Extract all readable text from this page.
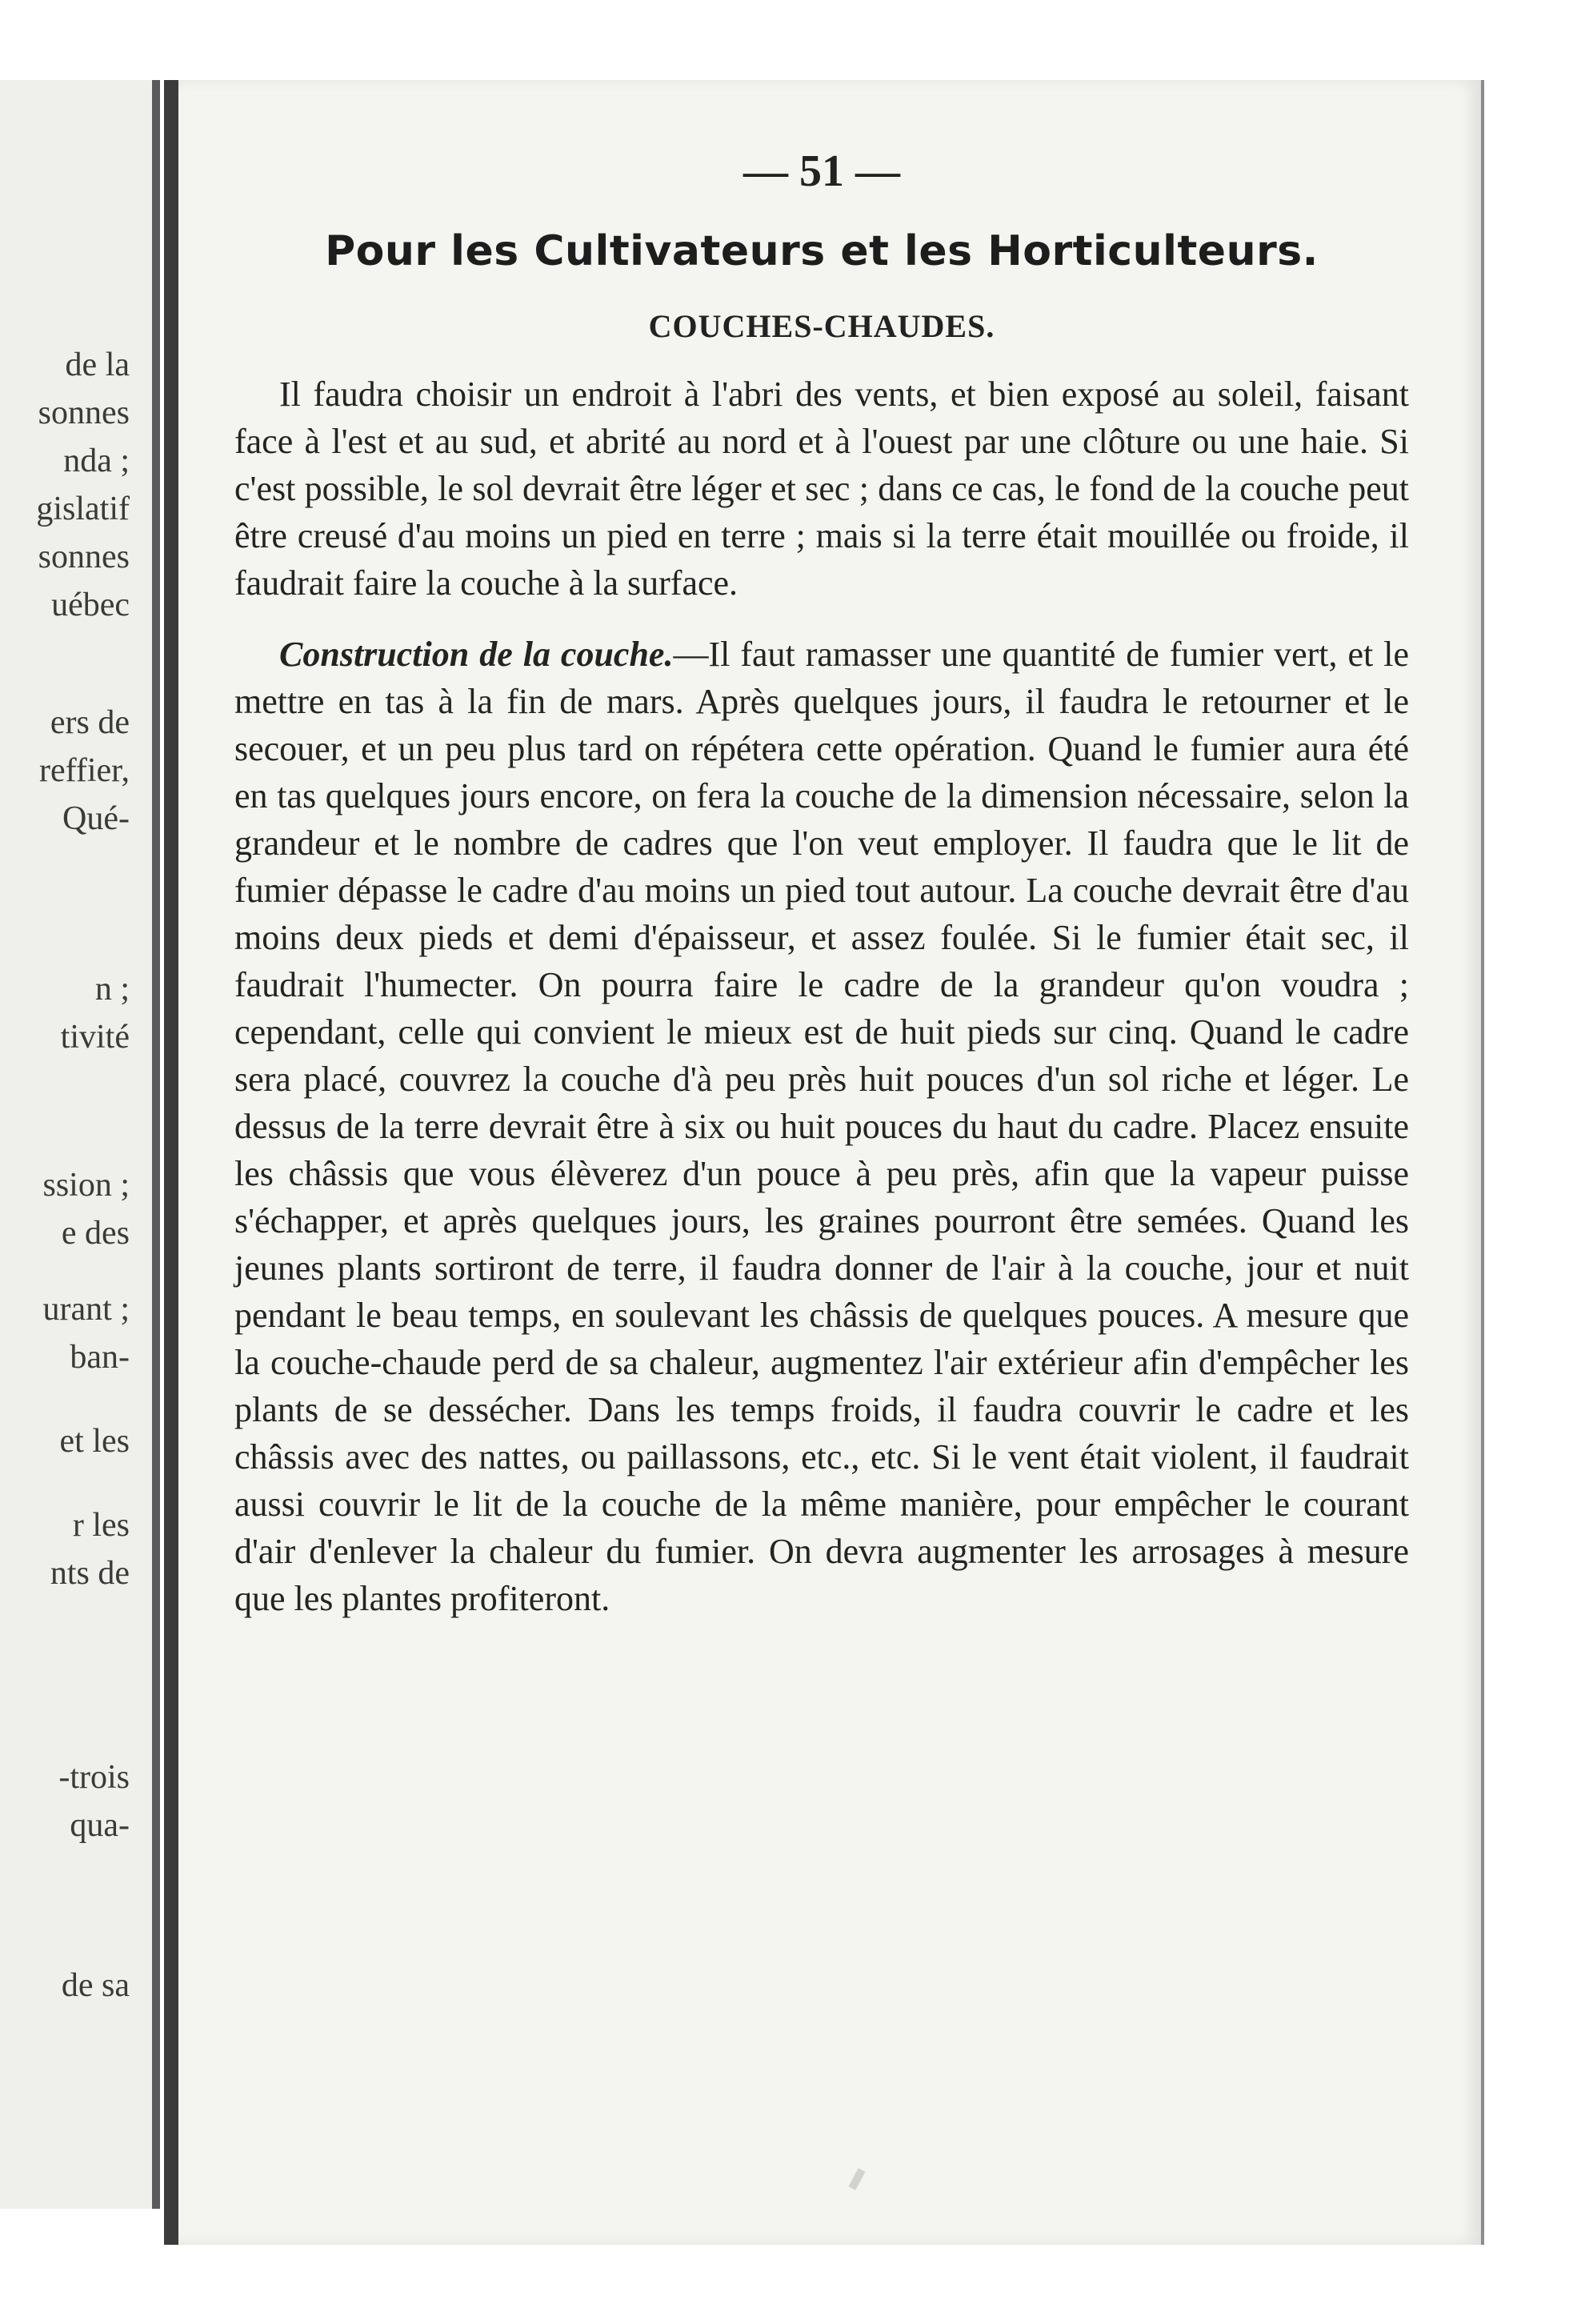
de la
sonnes
nda ;
gislatif
sonnes
uébec
ers de
reffier,
Qué-
n ;
tivité
ssion ;
e des
urant ;
ban-
et les
r les
nts de
-trois
qua-
de sa
— 51 —
Pour les Cultivateurs et les Horticulteurs.
COUCHES-CHAUDES.

Il faudra choisir un endroit à l'abri des vents, et bien exposé au soleil, faisant face à l'est et au sud, et abrité au nord et à l'ouest par une clôture ou une haie. Si c'est possible, le sol devrait être léger et sec ; dans ce cas, le fond de la couche peut être creusé d'au moins un pied en terre ; mais si la terre était mouillée ou froide, il faudrait faire la couche à la surface.

Construction de la couche.—Il faut ramasser une quantité de fumier vert, et le mettre en tas à la fin de mars. Après quelques jours, il faudra le retourner et le secouer, et un peu plus tard on répétera cette opération. Quand le fumier aura été en tas quelques jours encore, on fera la couche de la dimension nécessaire, selon la grandeur et le nombre de cadres que l'on veut employer. Il faudra que le lit de fumier dépasse le cadre d'au moins un pied tout autour. La couche devrait être d'au moins deux pieds et demi d'épaisseur, et assez foulée. Si le fumier était sec, il faudrait l'humecter. On pourra faire le cadre de la grandeur qu'on voudra ; cependant, celle qui convient le mieux est de huit pieds sur cinq. Quand le cadre sera placé, couvrez la couche d'à peu près huit pouces d'un sol riche et léger. Le dessus de la terre devrait être à six ou huit pouces du haut du cadre. Placez ensuite les châssis que vous élèverez d'un pouce à peu près, afin que la vapeur puisse s'échapper, et après quelques jours, les graines pourront être semées. Quand les jeunes plants sortiront de terre, il faudra donner de l'air à la couche, jour et nuit pendant le beau temps, en soulevant les châssis de quelques pouces. A mesure que la couche-chaude perd de sa chaleur, augmentez l'air extérieur afin d'empêcher les plants de se dessécher. Dans les temps froids, il faudra couvrir le cadre et les châssis avec des nattes, ou paillassons, etc., etc. Si le vent était violent, il faudrait aussi couvrir le lit de la couche de la même manière, pour empêcher le courant d'air d'enlever la chaleur du fumier. On devra augmenter les arrosages à mesure que les plantes profiteront.
